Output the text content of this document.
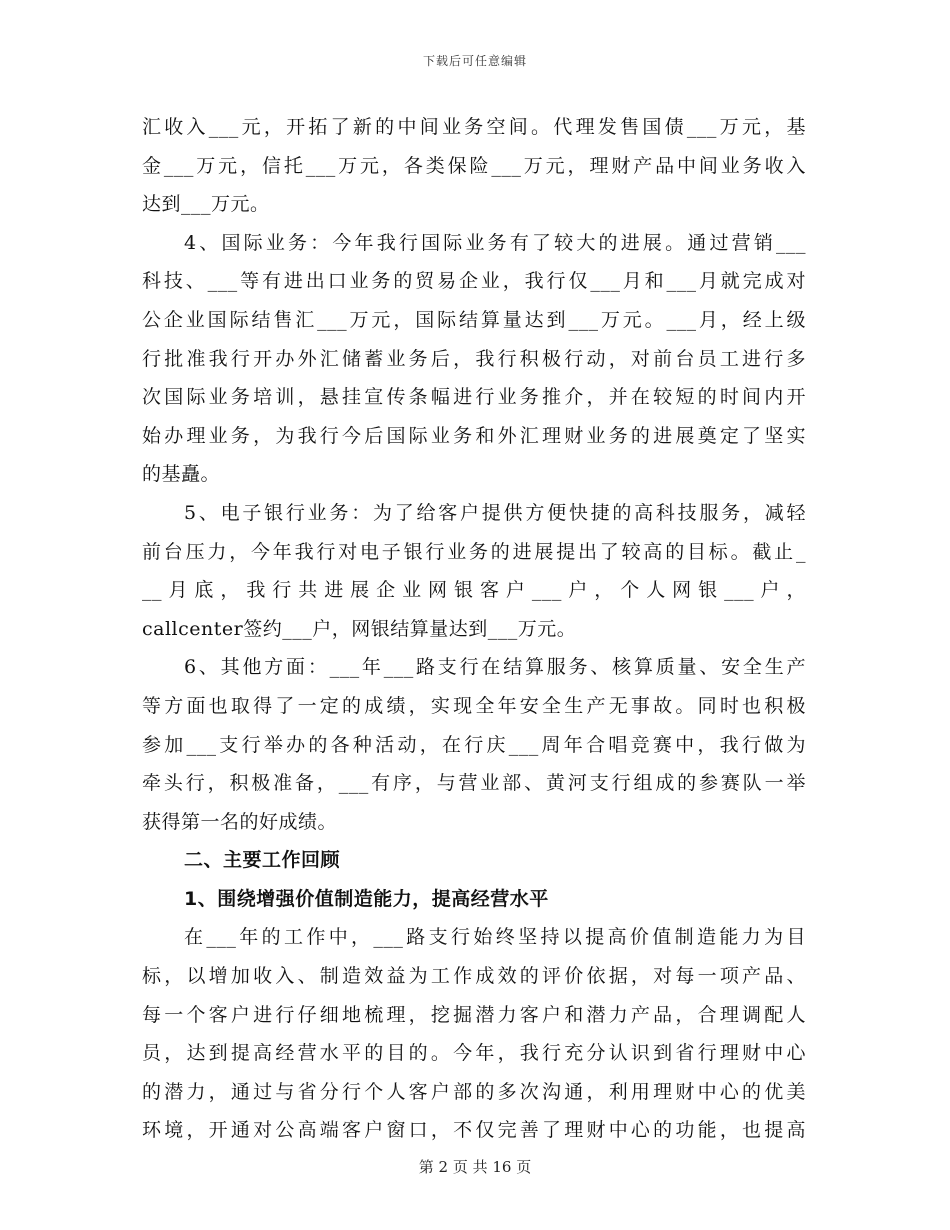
下载后可任意编辑
汇收入___元，开拓了新的中间业务空间。代理发售国债___万元，基
金___万元，信托___万元，各类保险___万元，理财产品中间业务收入
达到___万元。
4、国际业务：今年我行国际业务有了较大的进展。通过营销___
科技、___等有进出口业务的贸易企业，我行仅___月和___月就完成对
公企业国际结售汇___万元，国际结算量达到___万元。___月，经上级
行批准我行开办外汇储蓄业务后，我行积极行动，对前台员工进行多
次国际业务培训，悬挂宣传条幅进行业务推介，并在较短的时间内开
始办理业务，为我行今后国际业务和外汇理财业务的进展奠定了坚实
的基矗。
5、电子银行业务：为了给客户提供方便快捷的高科技服务，减轻
前台压力，今年我行对电子银行业务的进展提出了较高的目标。截止_
__月底，我行共进展企业网银客户___户，个人网银___户，
callcenter签约___户，网银结算量达到___万元。
6、其他方面：___年___路支行在结算服务、核算质量、安全生产
等方面也取得了一定的成绩，实现全年安全生产无事故。同时也积极
参加___支行举办的各种活动，在行庆___周年合唱竞赛中，我行做为
牵头行，积极准备，___有序，与营业部、黄河支行组成的参赛队一举
获得第一名的好成绩。
二、主要工作回顾
1、围绕增强价值制造能力，提高经营水平
在___年的工作中，___路支行始终坚持以提高价值制造能力为目
标，以增加收入、制造效益为工作成效的评价依据，对每一项产品、
每一个客户进行仔细地梳理，挖掘潜力客户和潜力产品，合理调配人
员，达到提高经营水平的目的。今年，我行充分认识到省行理财中心
的潜力，通过与省分行个人客户部的多次沟通，利用理财中心的优美
环境，开通对公高端客户窗口，不仅完善了理财中心的功能，也提高
第 2 页 共 16 页
